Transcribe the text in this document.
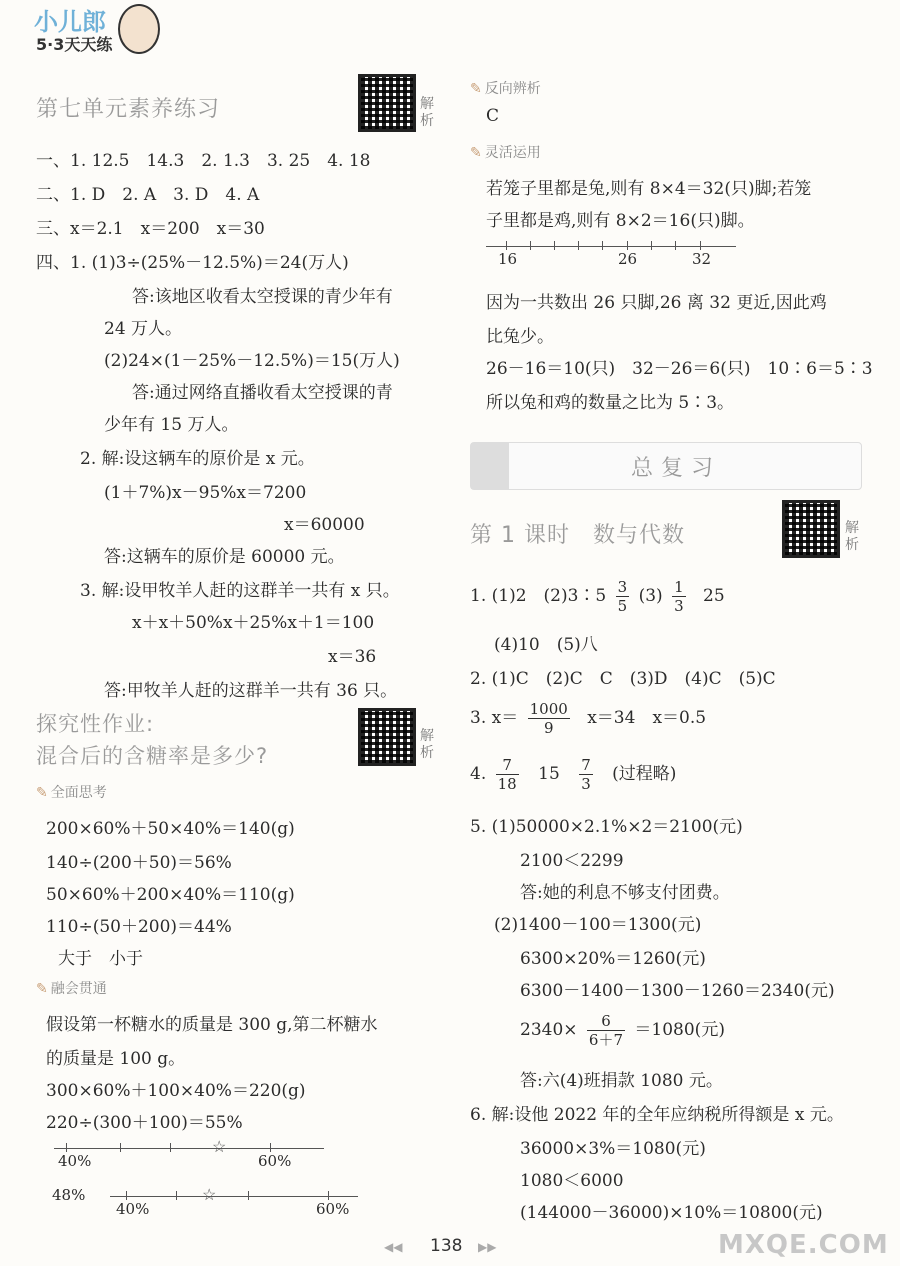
小儿郎
5·3天天练
第七单元素养练习	解析
一、1. 12.5　14.3　2. 1.3　3. 25　4. 18
二、1. D　2. A　3. D　4. A
三、x＝2.1　x＝200　x＝30
四、1. (1)3÷(25%－12.5%)＝24(万人)
答:该地区收看太空授课的青少年有
24 万人。
(2)24×(1－25%－12.5%)＝15(万人)
答:通过网络直播收看太空授课的青
少年有 15 万人。
2. 解:设这辆车的原价是 x 元。
(1＋7%)x－95%x＝7200
x＝60000
答:这辆车的原价是 60000 元。
3. 解:设甲牧羊人赶的这群羊一共有 x 只。
x＋x＋50%x＋25%x＋1＝100
x＝36
答:甲牧羊人赶的这群羊一共有 36 只。
探究性作业:
混合后的含糖率是多少?
解析
✎ 全面思考
200×60%＋50×40%＝140(g)
140÷(200＋50)＝56%
50×60%＋200×40%＝110(g)
110÷(50＋200)＝44%
大于　小于
✎ 融会贯通
假设第一杯糖水的质量是 300 g,第二杯糖水
的质量是 100 g。
300×60%＋100×40%＝220(g)
220÷(300＋100)＝55%
☆
40%	60%
48%	☆
40%	60%
✎ 反向辨析
C
✎ 灵活运用
若笼子里都是兔,则有 8×4＝32(只)脚;若笼
子里都是鸡,则有 8×2＝16(只)脚。
16	26	32
因为一共数出 26 只脚,26 离 32 更近,因此鸡
比兔少。
26－16＝10(只)　32－26＝6(只)　10∶6＝5∶3
所以兔和鸡的数量之比为 5∶3。
总复习
第 1 课时　数与代数	解析
1. (1)2　(2)3∶5 $\frac{3}{5} (3) \frac{1}{3} 25$
(4)10　(5)八
2. (1)C　(2)C　C　(3)D　(4)C　(5)C
3. $x= \frac{1000}{9} x=34$　x＝0.5
4. $\frac{7}{18} 15 \frac{7}{3}$ (过程略)
5. (1)50000×2.1%×2＝2100(元)
2100＜2299
答:她的利息不够支付团费。
(2)1400－100＝1300(元)
6300×20%＝1260(元)
6300－1400－1300－1260＝2340(元)
$2340\times \frac{6}{6+7} =1080$(元)
答:六(4)班捐款 1080 元。
6. 解:设他 2022 年的全年应纳税所得额是 x 元。
36000×3%＝1080(元)
1080＜6000
(144000－36000)×10%＝10800(元)
◀◀ 138 ▶▶	MXQE.COM
